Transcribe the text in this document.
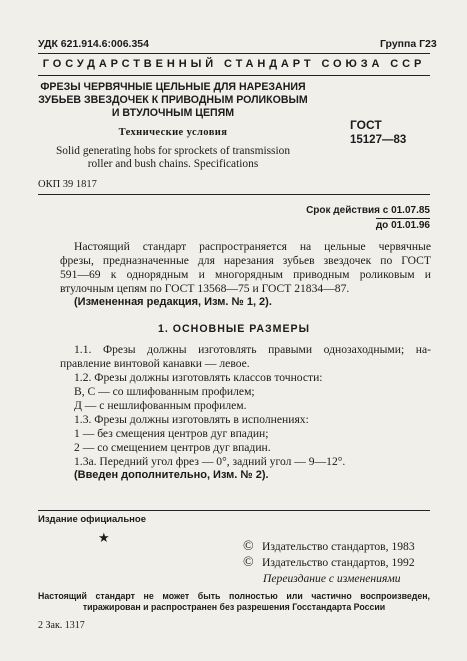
УДК 621.914.6:006.354	Группа Г23
ГОСУДАРСТВЕННЫЙ СТАНДАРТ СОЮЗА ССР
ФРЕЗЫ ЧЕРВЯЧНЫЕ ЦЕЛЬНЫЕ ДЛЯ НАРЕЗАНИЯ
ЗУБЬЕВ ЗВЕЗДОЧЕК К ПРИВОДНЫМ РОЛИКОВЫМ
И ВТУЛОЧНЫМ ЦЕПЯМ
Технические условия
Solid generating hobs for sprockets of transmission
roller and bush chains. Specifications
ГОСТ
15127—83
ОКП 39 1817
Срок действия с 01.07.85
до 01.01.96
Настоящий стандарт распространяется на цельные червячные
фрезы, предназначенные для нарезания зубьев звездочек по ГОСТ
591—69 к однорядным и многорядным приводным роликовым и
втулочным цепям по ГОСТ 13568—75 и ГОСТ 21834—87.
(Измененная редакция, Изм. № 1, 2).
1. ОСНОВНЫЕ РАЗМЕРЫ
1.1. Фрезы должны изготовлять правыми однозаходными; на-
правление винтовой канавки — левое.
1.2. Фрезы должны изготовлять классов точности:
B, C — со шлифованным профилем;
Д — с нешлифованным профилем.
1.3. Фрезы должны изготовлять в исполнениях:
1 — без смещения центров дуг впадин;
2 — со смещением центров дуг впадин.
1.3а. Передний угол фрез — 0°, задний угол — 9—12°.
(Введен дополнительно, Изм. № 2).
Издание официальное
★
© Издательство стандартов, 1983
© Издательство стандартов, 1992
Переиздание с изменениями
Настоящий стандарт не может быть полностью или частично воспроизведен,
тиражирован и распространен без разрешения Госстандарта России
2 Зак. 1317
